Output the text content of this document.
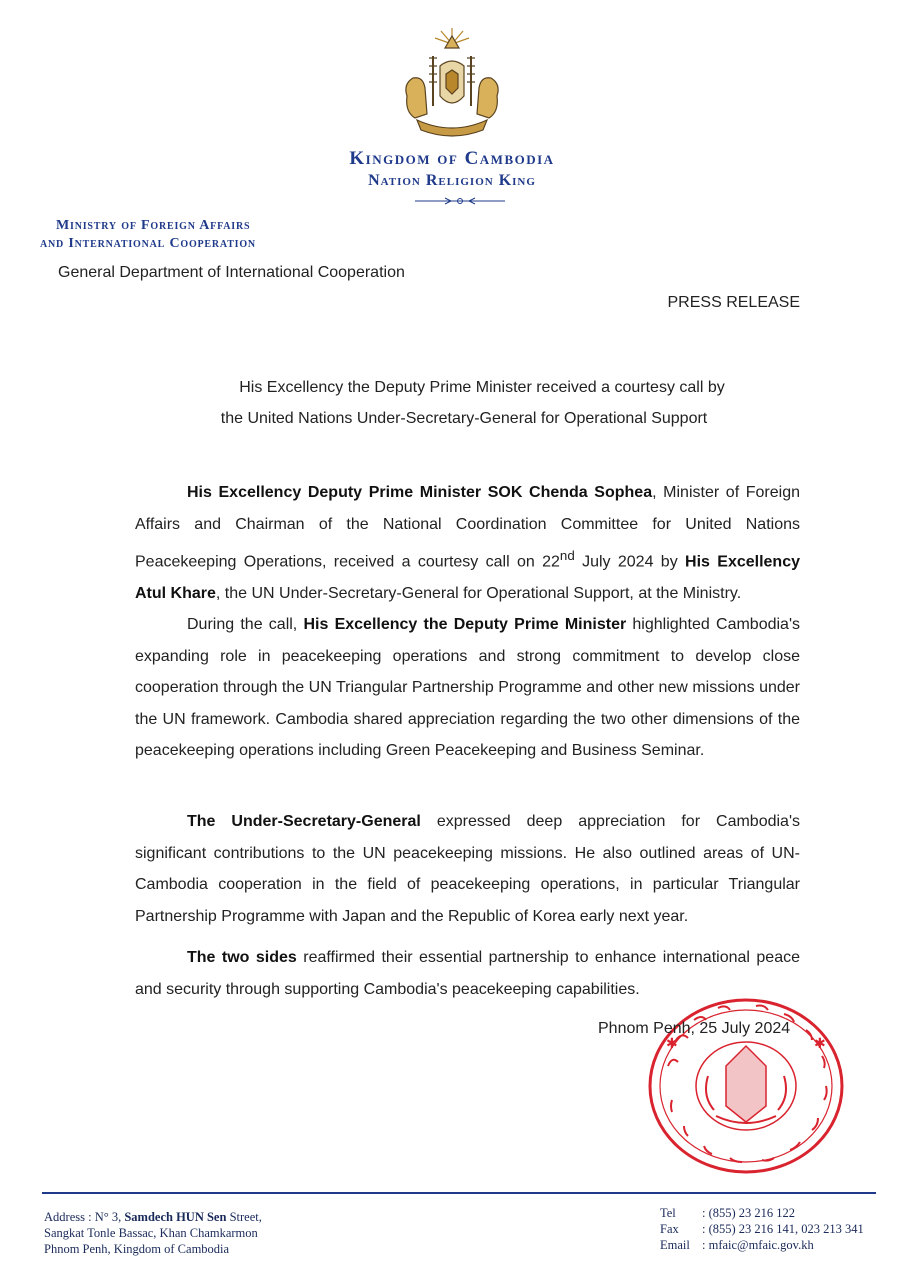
Kingdom of Cambodia
Nation Religion King
Ministry of Foreign Affairs
and International Cooperation
General Department of International Cooperation
PRESS RELEASE
His Excellency the Deputy Prime Minister received a courtesy call by
the United Nations Under-Secretary-General for Operational Support
His Excellency Deputy Prime Minister SOK Chenda Sophea, Minister of Foreign Affairs and Chairman of the National Coordination Committee for United Nations Peacekeeping Operations, received a courtesy call on 22nd July 2024 by His Excellency Atul Khare, the UN Under-Secretary-General for Operational Support, at the Ministry.
During the call, His Excellency the Deputy Prime Minister highlighted Cambodia's expanding role in peacekeeping operations and strong commitment to develop close cooperation through the UN Triangular Partnership Programme and other new missions under the UN framework. Cambodia shared appreciation regarding the two other dimensions of the peacekeeping operations including Green Peacekeeping and Business Seminar.
The Under-Secretary-General expressed deep appreciation for Cambodia's significant contributions to the UN peacekeeping missions. He also outlined areas of UN-Cambodia cooperation in the field of peacekeeping operations, in particular Triangular Partnership Programme with Japan and the Republic of Korea early next year.
The two sides reaffirmed their essential partnership to enhance international peace and security through supporting Cambodia's peacekeeping capabilities.
✱	✱
Phnom Penh, 25 July 2024
Address : N° 3, Samdech HUN Sen Street,
Sangkat Tonle Bassac, Khan Chamkarmon
Phnom Penh, Kingdom of Cambodia
Tel : (855) 23 216 122
Fax : (855) 23 216 141, 023 213 341
Email : mfaic@mfaic.gov.kh
